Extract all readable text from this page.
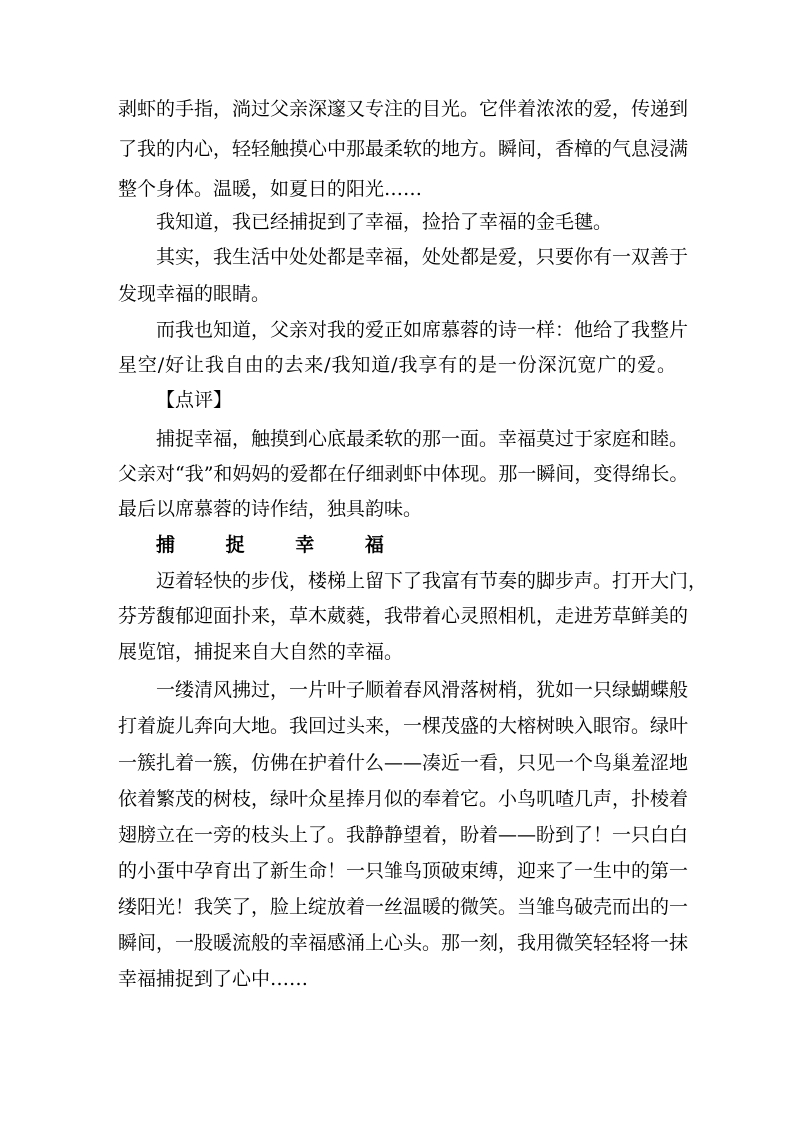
剥虾的手指，淌过父亲深邃又专注的目光。它伴着浓浓的爱，传递到

了我的内心，轻轻触摸心中那最柔软的地方。瞬间，香樟的气息浸满

整个身体。温暖，如夏日的阳光……

我知道，我已经捕捉到了幸福，捡拾了幸福的金毛毽。

其实，我生活中处处都是幸福，处处都是爱，只要你有一双善于

发现幸福的眼睛。

而我也知道，父亲对我的爱正如席慕蓉的诗一样：他给了我整片

星空/好让我自由的去来/我知道/我享有的是一份深沉宽广的爱。

【点评】

捕捉幸福，触摸到心底最柔软的那一面。幸福莫过于家庭和睦。

父亲对“我”和妈妈的爱都在仔细剥虾中体现。那一瞬间，变得绵长。

最后以席慕蓉的诗作结，独具韵味。

捕 捉 幸 福

迈着轻快的步伐，楼梯上留下了我富有节奏的脚步声。打开大门，

芬芳馥郁迎面扑来，草木葳蕤，我带着心灵照相机，走进芳草鲜美的

展览馆，捕捉来自大自然的幸福。

一缕清风拂过，一片叶子顺着春风滑落树梢，犹如一只绿蝴蝶般

打着旋儿奔向大地。我回过头来，一棵茂盛的大榕树映入眼帘。绿叶

一簇扎着一簇，仿佛在护着什么——凑近一看，只见一个鸟巢羞涩地

依着繁茂的树枝，绿叶众星捧月似的奉着它。小鸟叽喳几声，扑棱着

翅膀立在一旁的枝头上了。我静静望着，盼着——盼到了！一只白白

的小蛋中孕育出了新生命！一只雏鸟顶破束缚，迎来了一生中的第一

缕阳光！我笑了，脸上绽放着一丝温暖的微笑。当雏鸟破壳而出的一

瞬间，一股暖流般的幸福感涌上心头。那一刻，我用微笑轻轻将一抹

幸福捕捉到了心中……
